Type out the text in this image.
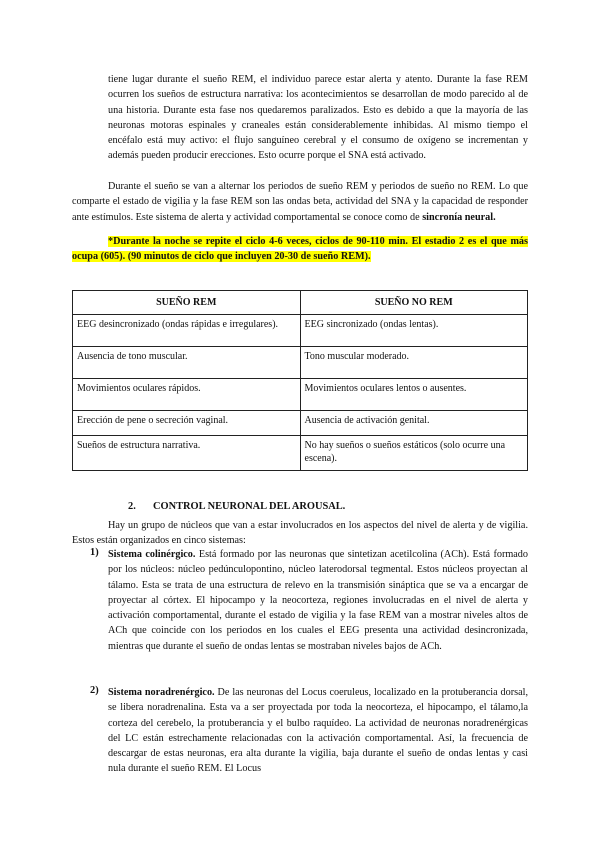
tiene lugar durante el sueño REM, el individuo parece estar alerta y atento. Durante la fase REM ocurren los sueños de estructura narrativa: los acontecimientos se desarrollan de modo parecido al de una historia. Durante esta fase nos quedaremos paralizados. Esto es debido a que la mayoría de las neuronas motoras espinales y craneales están considerablemente inhibidas. Al mismo tiempo el encéfalo está muy activo: el flujo sanguíneo cerebral y el consumo de oxígeno se incrementan y además pueden producir erecciones. Esto ocurre porque el SNA está activado.

Durante el sueño se van a alternar los periodos de sueño REM y periodos de sueño no REM. Lo que comparte el estado de vigilia y la fase REM son las ondas beta, actividad del SNA y la capacidad de responder ante estímulos. Este sistema de alerta y actividad comportamental se conoce como de sincronía neural.

*Durante la noche se repite el ciclo 4-6 veces, ciclos de 90-110 min. El estadio 2 es el que más ocupa (605). (90 minutos de ciclo que incluyen 20-30 de sueño REM).

SUEÑO REM	SUEÑO NO REM
EEG desincronizado (ondas rápidas e irregulares).	EEG sincronizado (ondas lentas).
Ausencia de tono muscular.	Tono muscular moderado.
Movimientos oculares rápidos.	Movimientos oculares lentos o ausentes.
Erección de pene o secreción vaginal.	Ausencia de activación genital.
Sueños de estructura narrativa.	No hay sueños o sueños estáticos (solo ocurre una escena).
2. CONTROL NEURONAL DEL AROUSAL.

Hay un grupo de núcleos que van a estar involucrados en los aspectos del nivel de alerta y de vigilia. Estos están organizados en cinco sistemas:

1) Sistema colinérgico. Está formado por las neuronas que sintetizan acetilcolina (ACh). Está formado por los núcleos: núcleo pedúnculopontino, núcleo laterodorsal tegmental. Estos núcleos proyectan al tálamo. Esta se trata de una estructura de relevo en la transmisión sináptica que se va a encargar de proyectar al córtex. El hipocampo y la neocorteza, regiones involucradas en el nivel de alerta y activación comportamental, durante el estado de vigilia y la fase REM van a mostrar niveles altos de ACh que coincide con los periodos en los cuales el EEG presenta una actividad desincronizada, mientras que durante el sueño de ondas lentas se mostraban niveles bajos de ACh.

2) Sistema noradrenérgico. De las neuronas del Locus coeruleus, localizado en la protuberancia dorsal, se libera noradrenalina. Esta va a ser proyectada por toda la neocorteza, el hipocampo, el tálamo,la corteza del cerebelo, la protuberancia y el bulbo raquídeo. La actividad de neuronas noradrenérgicas del LC están estrechamente relacionadas con la activación comportamental. Así, la frecuencia de descargar de estas neuronas, era alta durante la vigilia, baja durante el sueño de ondas lentas y casi nula durante el sueño REM. El Locus
